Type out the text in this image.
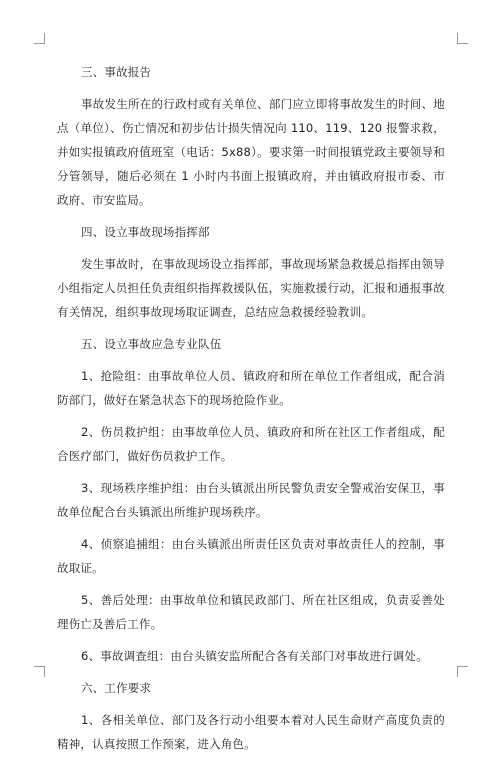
三、事故报告

事故发生所在的行政村或有关单位、部门应立即将事故发生的时间、地点（单位）、伤亡情况和初步估计损失情况向 110、119、120 报警求救，并如实报镇政府值班室（电话：5x88）。要求第一时间报镇党政主要领导和分管领导，随后必须在 1 小时内书面上报镇政府，并由镇政府报市委、市政府、市安监局。

四、设立事故现场指挥部

发生事故时，在事故现场设立指挥部，事故现场紧急救援总指挥由领导小组指定人员担任负责组织指挥救援队伍，实施救援行动，汇报和通报事故有关情况，组织事故现场取证调查，总结应急救援经验教训。

五、设立事故应急专业队伍

1、抢险组：由事故单位人员、镇政府和所在单位工作者组成，配合消防部门，做好在紧急状态下的现场抢险作业。

2、伤员救护组：由事故单位人员、镇政府和所在社区工作者组成，配合医疗部门，做好伤员救护工作。

3、现场秩序维护组：由台头镇派出所民警负责安全警戒治安保卫，事故单位配合台头镇派出所维护现场秩序。

4、侦察追捕组：由台头镇派出所责任区负责对事故责任人的控制，事故取证。

5、善后处理：由事故单位和镇民政部门、所在社区组成，负责妥善处理伤亡及善后工作。

6、事故调查组：由台头镇安监所配合各有关部门对事故进行调处。

六、工作要求

1、各相关单位、部门及各行动小组要本着对人民生命财产高度负责的精神，认真按照工作预案，进入角色。
